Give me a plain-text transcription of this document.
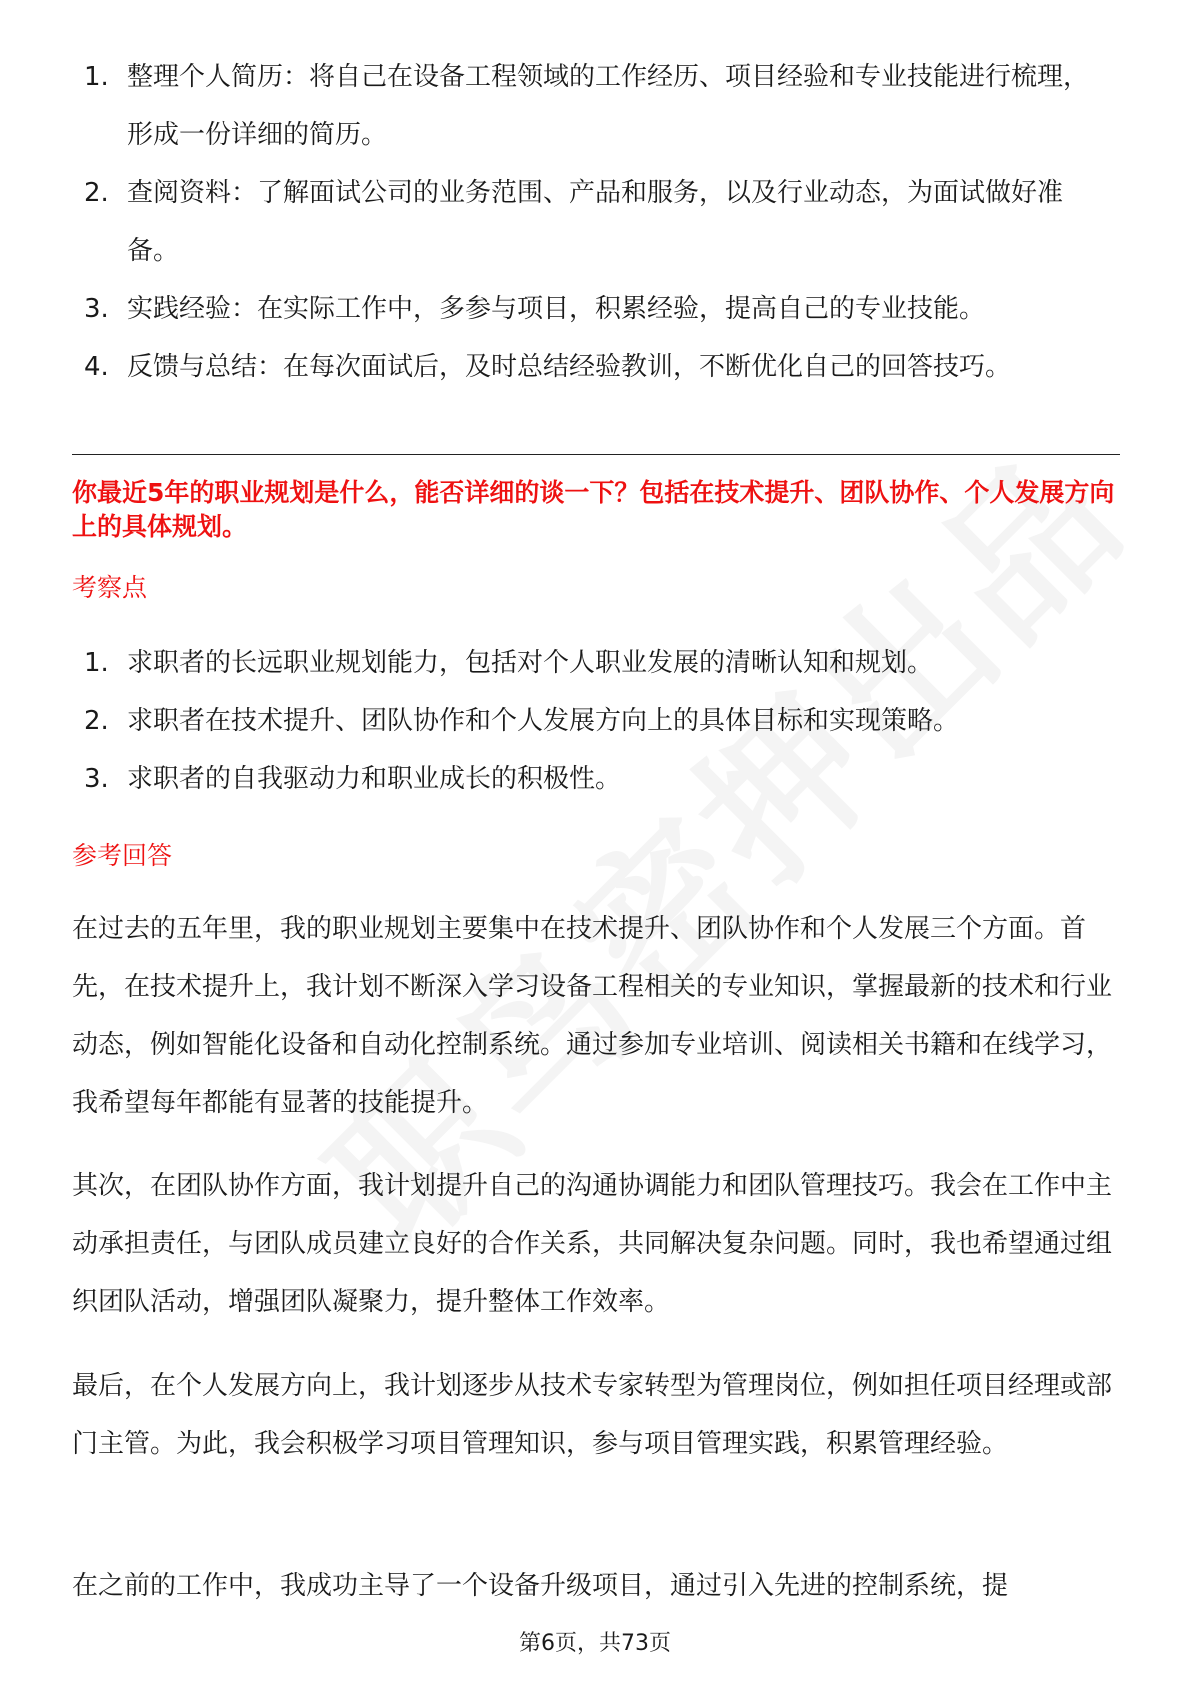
1. 整理个人简历：将自己在设备工程领域的工作经历、项目经验和专业技能进行梳理，形成一份详细的简历。
2. 查阅资料：了解面试公司的业务范围、产品和服务，以及行业动态，为面试做好准备。
3. 实践经验：在实际工作中，多参与项目，积累经验，提高自己的专业技能。
4. 反馈与总结：在每次面试后，及时总结经验教训，不断优化自己的回答技巧。
你最近5年的职业规划是什么，能否详细的谈一下？包括在技术提升、团队协作、个人发展方向上的具体规划。
考察点
1. 求职者的长远职业规划能力，包括对个人职业发展的清晰认知和规划。
2. 求职者在技术提升、团队协作和个人发展方向上的具体目标和实现策略。
3. 求职者的自我驱动力和职业成长的积极性。
参考回答

在过去的五年里，我的职业规划主要集中在技术提升、团队协作和个人发展三个方面。首先，在技术提升上，我计划不断深入学习设备工程相关的专业知识，掌握最新的技术和行业动态，例如智能化设备和自动化控制系统。通过参加专业培训、阅读相关书籍和在线学习，我希望每年都能有显著的技能提升。

其次，在团队协作方面，我计划提升自己的沟通协调能力和团队管理技巧。我会在工作中主动承担责任，与团队成员建立良好的合作关系，共同解决复杂问题。同时，我也希望通过组织团队活动，增强团队凝聚力，提升整体工作效率。

最后，在个人发展方向上，我计划逐步从技术专家转型为管理岗位，例如担任项目经理或部门主管。为此，我会积极学习项目管理知识，参与项目管理实践，积累管理经验。

在之前的工作中，我成功主导了一个设备升级项目，通过引入先进的控制系统，提

第6页，共73页
